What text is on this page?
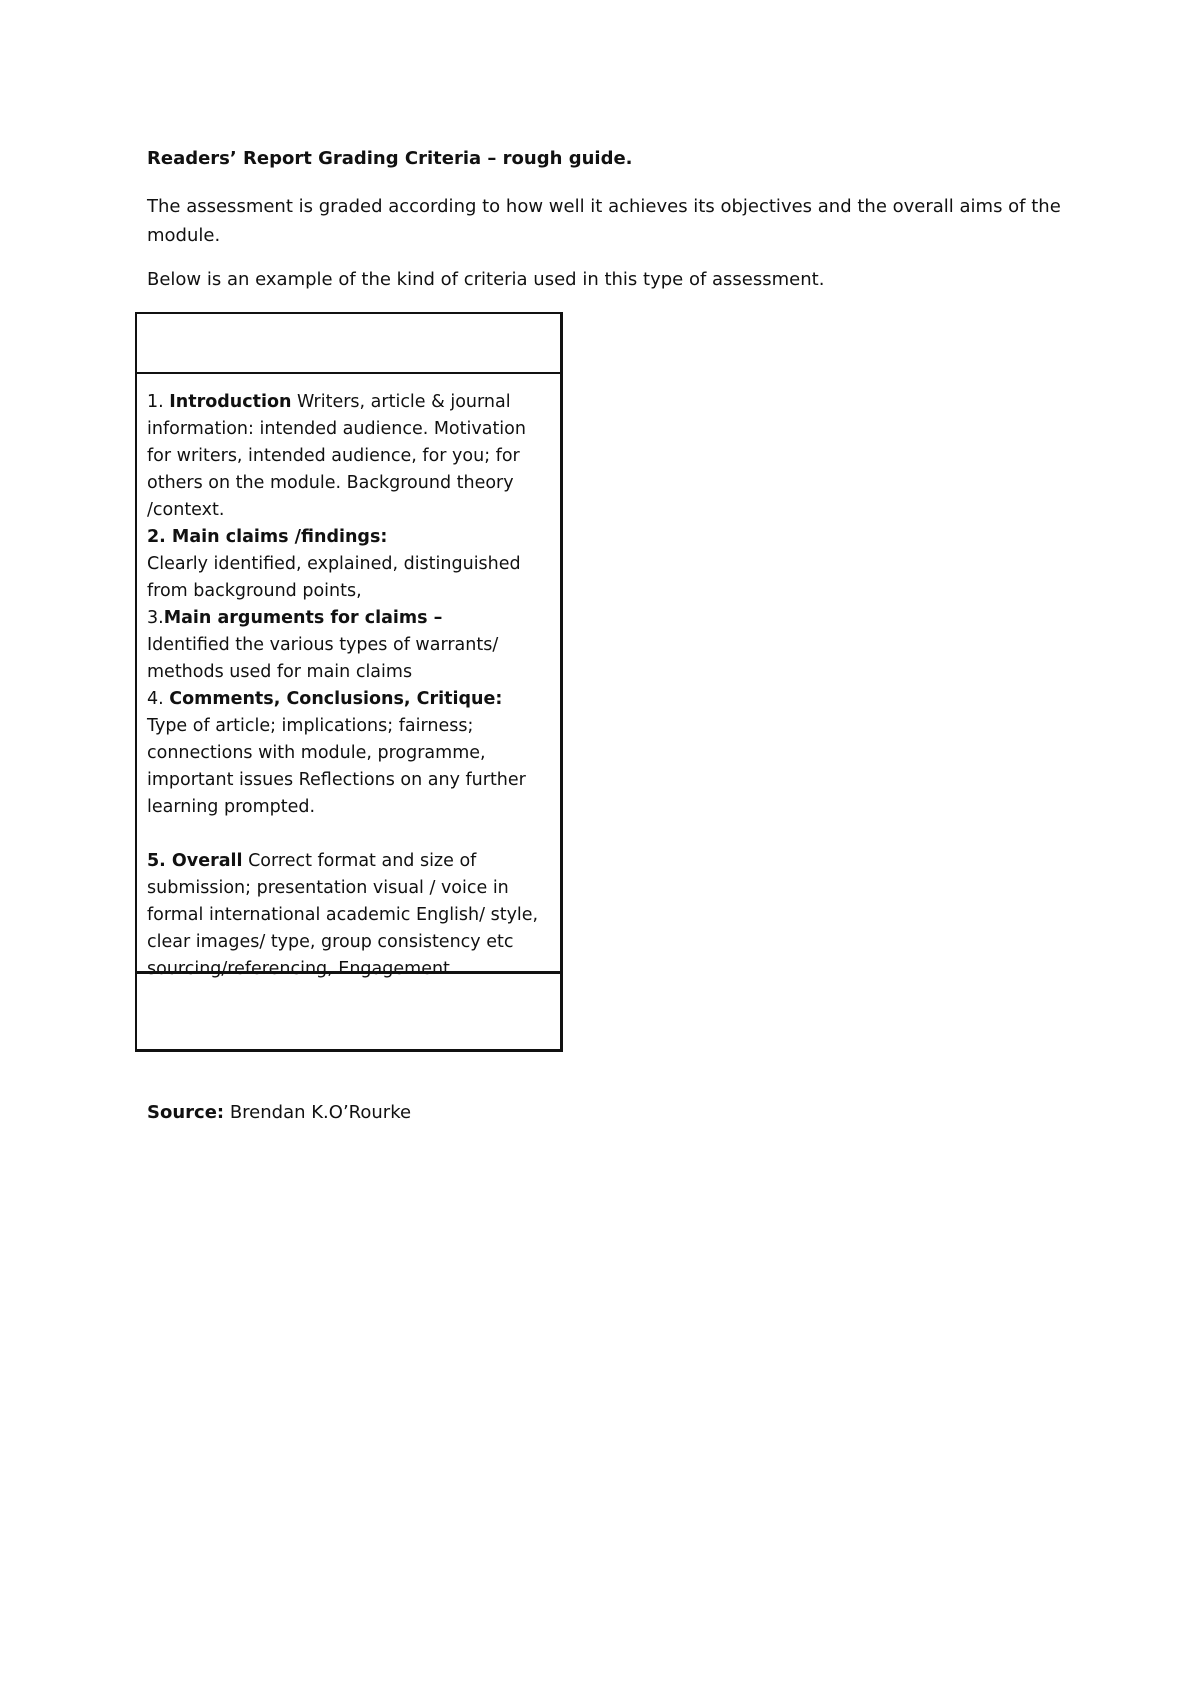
Readers’ Report Grading Criteria – rough guide.
The assessment is graded according to how well it achieves its objectives and the overall aims of the module.
Below is an example of the kind of criteria used in this type of assessment.

1. Introduction Writers, article & journal information: intended audience. Motivation for writers, intended audience, for you; for others on the module. Background theory /context.

2. Main claims /findings:

Clearly identified, explained, distinguished from background points,

3.Main arguments for claims –

Identified the various types of warrants/ methods used for main claims

4. Comments, Conclusions, Critique:

Type of article; implications; fairness; connections with module, programme, important issues Reflections on any further learning prompted.

5. Overall Correct format and size of submission; presentation visual / voice in formal international academic English/ style, clear images/ type, group consistency etc sourcing/referencing, Engagement.

Source: Brendan K.O’Rourke
